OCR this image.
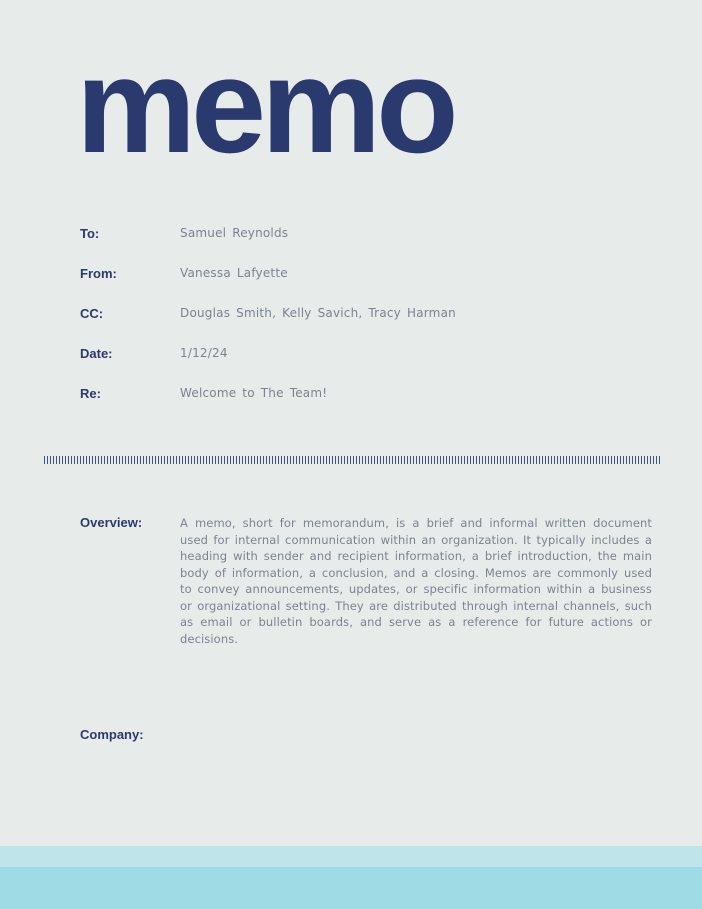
memo
To:	Samuel Reynolds
From:	Vanessa Lafyette
CC:	Douglas Smith, Kelly Savich, Tracy Harman
Date:	1/12/24
Re:	Welcome to The Team!
Overview:	A memo, short for memorandum, is a brief and informal written document used for internal communication within an organization. It typically includes a heading with sender and recipient information, a brief introduction, the main body of information, a conclusion, and a closing. Memos are commonly used to convey announcements, updates, or specific information within a business or organizational setting. They are distributed through internal channels, such as email or bulletin boards, and serve as a reference for future actions or decisions.
Company:
